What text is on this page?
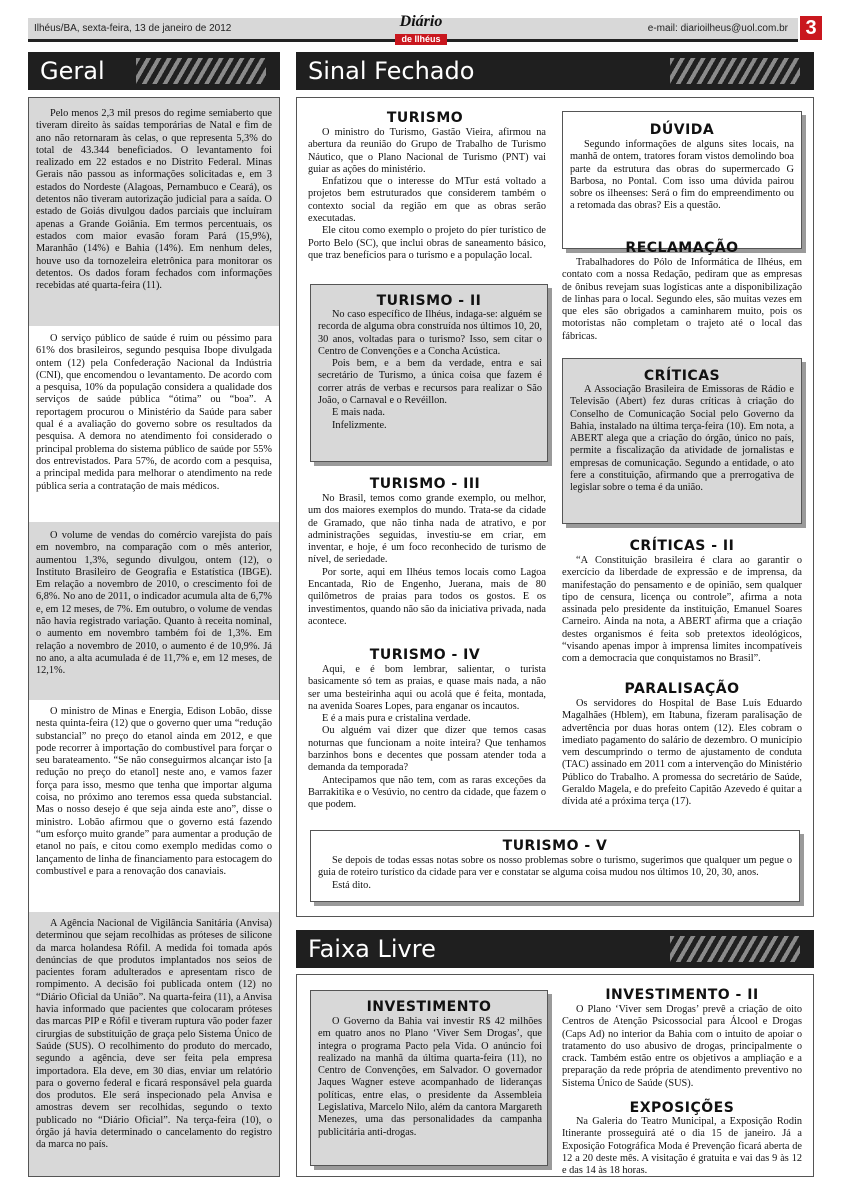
Ilhéus/BA, sexta-feira, 13 de janeiro de 2012	e-mail: diarioilheus@uol.com.br
Diário
de Ilhéus	3
Geral	Sinal Fechado
Faixa Livre

Pelo menos 2,3 mil presos do regime semiaberto que tiveram direito às saídas temporárias de Natal e fim de ano não retornaram às celas, o que representa 5,3% do total de 43.344 beneficiados. O levantamento foi realizado em 22 estados e no Distrito Federal. Minas Gerais não passou as informações solicitadas e, em 3 estados do Nordeste (Alagoas, Pernambuco e Ceará), os detentos não tiveram autorização judicial para a saída. O estado de Goiás divulgou dados parciais que incluíram apenas a Grande Goiânia. Em termos percentuais, os estados com maior evasão foram Pará (15,9%), Maranhão (14%) e Bahia (14%). Em nenhum deles, houve uso da tornozeleira eletrônica para monitorar os detentos. Os dados foram fechados com informações recebidas até quarta-feira (11).

O serviço público de saúde é ruim ou péssimo para 61% dos brasileiros, segundo pesquisa Ibope divulgada ontem (12) pela Confederação Nacional da Indústria (CNI), que encomendou o levantamento. De acordo com a pesquisa, 10% da população considera a qualidade dos serviços de saúde pública “ótima” ou “boa”. A reportagem procurou o Ministério da Saúde para saber qual é a avaliação do governo sobre os resultados da pesquisa. A demora no atendimento foi considerado o principal problema do sistema público de saúde por 55% dos entrevistados. Para 57%, de acordo com a pesquisa, a principal medida para melhorar o atendimento na rede pública seria a contratação de mais médicos.

O volume de vendas do comércio varejista do país em novembro, na comparação com o mês anterior, aumentou 1,3%, segundo divulgou, ontem (12), o Instituto Brasileiro de Geografia e Estatística (IBGE). Em relação a novembro de 2010, o crescimento foi de 6,8%. No ano de 2011, o indicador acumula alta de 6,7% e, em 12 meses, de 7%. Em outubro, o volume de vendas não havia registrado variação. Quanto à receita nominal, o aumento em novembro também foi de 1,3%. Em relação a novembro de 2010, o aumento é de 10,9%. Já no ano, a alta acumulada é de 11,7% e, em 12 meses, de 12,1%.

O ministro de Minas e Energia, Edison Lobão, disse nesta quinta-feira (12) que o governo quer uma “redução substancial” no preço do etanol ainda em 2012, e que pode recorrer à importação do combustível para forçar o seu barateamento. “Se não conseguirmos alcançar isto [a redução no preço do etanol] neste ano, e vamos fazer força para isso, mesmo que tenha que importar alguma coisa, no próximo ano teremos essa queda substancial. Mas o nosso desejo é que seja ainda este ano”, disse o ministro. Lobão afirmou que o governo está fazendo “um esforço muito grande” para aumentar a produção de etanol no país, e citou como exemplo medidas como o lançamento de linha de financiamento para estocagem do combustível e para a renovação dos canaviais.

A Agência Nacional de Vigilância Sanitária (Anvisa) determinou que sejam recolhidas as próteses de silicone da marca holandesa Rófil. A medida foi tomada após denúncias de que produtos implantados nos seios de pacientes foram adulterados e apresentam risco de rompimento. A decisão foi publicada ontem (12) no “Diário Oficial da União”. Na quarta-feira (11), a Anvisa havia informado que pacientes que colocaram próteses das marcas PIP e Rófil e tiveram ruptura vão poder fazer cirurgias de substituição de graça pelo Sistema Único de Saúde (SUS). O recolhimento do produto do mercado, segundo a agência, deve ser feita pela empresa importadora. Ela deve, em 30 dias, enviar um relatório para o governo federal e ficará responsável pela guarda dos produtos. Ele será inspecionado pela Anvisa e amostras devem ser recolhidas, segundo o texto publicado no “Diário Oficial”. Na terça-feira (10), o órgão já havia determinado o cancelamento do registro da marca no país.

TURISMO

O ministro do Turismo, Gastão Vieira, afirmou na abertura da reunião do Grupo de Trabalho de Turismo Náutico, que o Plano Nacional de Turismo (PNT) vai guiar as ações do ministério.

Enfatizou que o interesse do MTur está voltado a projetos bem estruturados que considerem também o contexto social da região em que as obras serão executadas.

Ele citou como exemplo o projeto do píer turístico de Porto Belo (SC), que inclui obras de saneamento básico, que traz benefícios para o turismo e a população local.

TURISMO - II

No caso específico de Ilhéus, indaga-se: alguém se recorda de alguma obra construída nos últimos 10, 20, 30 anos, voltadas para o turismo? Isso, sem citar o Centro de Convenções e a Concha Acústica.

Pois bem, e a bem da verdade, entra e sai secretário de Turismo, a única coisa que fazem é correr atrás de verbas e recursos para realizar o São João, o Carnaval e o Revéillon.

E mais nada.

Infelizmente.

TURISMO - III

No Brasil, temos como grande exemplo, ou melhor, um dos maiores exemplos do mundo. Trata-se da cidade de Gramado, que não tinha nada de atrativo, e por administrações seguidas, investiu-se em criar, em inventar, e hoje, é um foco reconhecido de turismo de nível, de seriedade.

Por sorte, aqui em Ilhéus temos locais como Lagoa Encantada, Rio de Engenho, Juerana, mais de 80 quilômetros de praias para todos os gostos. E os investimentos, quando não são da iniciativa privada, nada acontece.

TURISMO - IV

Aqui, e é bom lembrar, salientar, o turista basicamente só tem as praias, e quase mais nada, a não ser uma besteirinha aqui ou acolá que é feita, montada, na avenida Soares Lopes, para enganar os incautos.

E é a mais pura e cristalina verdade.

Ou alguém vai dizer que dizer que temos casas noturnas que funcionam a noite inteira? Que tenhamos barzinhos bons e decentes que possam atender toda a demanda da temporada?

Antecipamos que não tem, com as raras exceções da Barrakitika e o Vesúvio, no centro da cidade, que fazem o que podem.

DÚVIDA

Segundo informações de alguns sites locais, na manhã de ontem, tratores foram vistos demolindo boa parte da estrutura das obras do supermercado G Barbosa, no Pontal. Com isso uma dúvida pairou sobre os ilheenses: Será o fim do empreendimento ou a retomada das obras? Eis a questão.

RECLAMAÇÃO

Trabalhadores do Pólo de Informática de Ilhéus, em contato com a nossa Redação, pediram que as empresas de ônibus revejam suas logísticas ante a disponibilização de linhas para o local. Segundo eles, são muitas vezes em que eles são obrigados a caminharem muito, pois os motoristas não completam o trajeto até o local das fábricas.

CRÍTICAS

A Associação Brasileira de Emissoras de Rádio e Televisão (Abert) fez duras críticas à criação do Conselho de Comunicação Social pelo Governo da Bahia, instalado na última terça-feira (10). Em nota, a ABERT alega que a criação do órgão, único no país, permite a fiscalização da atividade de jornalistas e empresas de comunicação. Segundo a entidade, o ato fere a constituição, afirmando que a prerrogativa de legislar sobre o tema é da união.

CRÍTICAS - II

“A Constituição brasileira é clara ao garantir o exercício da liberdade de expressão e de imprensa, da manifestação do pensamento e de opinião, sem qualquer tipo de censura, licença ou controle”, afirma a nota assinada pelo presidente da instituição, Emanuel Soares Carneiro. Ainda na nota, a ABERT afirma que a criação destes organismos é feita sob pretextos ideológicos, “visando apenas impor à imprensa limites incompatíveis com a democracia que conquistamos no Brasil”.

PARALISAÇÃO

Os servidores do Hospital de Base Luís Eduardo Magalhães (Hblem), em Itabuna, fizeram paralisação de advertência por duas horas ontem (12). Eles cobram o imediato pagamento do salário de dezembro. O município vem descumprindo o termo de ajustamento de conduta (TAC) assinado em 2011 com a intervenção do Ministério Público do Trabalho. A promessa do secretário de Saúde, Geraldo Magela, e do prefeito Capitão Azevedo é quitar a dívida até a próxima terça (17).

TURISMO - V

Se depois de todas essas notas sobre os nosso problemas sobre o turismo, sugerimos que qualquer um pegue o guia de roteiro turístico da cidade para ver e constatar se alguma coisa mudou nos últimos 10, 20, 30, anos.

Está dito.

INVESTIMENTO

O Governo da Bahia vai investir R$ 42 milhões em quatro anos no Plano ‘Viver Sem Drogas’, que integra o programa Pacto pela Vida. O anúncio foi realizado na manhã da última quarta-feira (11), no Centro de Convenções, em Salvador. O governador Jaques Wagner esteve acompanhado de lideranças políticas, entre elas, o presidente da Assembleia Legislativa, Marcelo Nilo, além da cantora Margareth Menezes, uma das personalidades da campanha publicitária anti-drogas.

INVESTIMENTO - II

O Plano ‘Viver sem Drogas’ prevê a criação de oito Centros de Atenção Psicossocial para Álcool e Drogas (Caps Ad) no interior da Bahia com o intuito de apoiar o tratamento do uso abusivo de drogas, principalmente o crack. Também estão entre os objetivos a ampliação e a preparação da rede própria de atendimento preventivo no Sistema Único de Saúde (SUS).

EXPOSIÇÕES

Na Galeria do Teatro Municipal, a Exposição Rodin Itinerante prosseguirá até o dia 15 de janeiro. Já a Exposição Fotográfica Moda é Prevenção ficará aberta de 12 a 20 deste mês. A visitação é gratuita e vai das 9 às 12 e das 14 às 18 horas.
